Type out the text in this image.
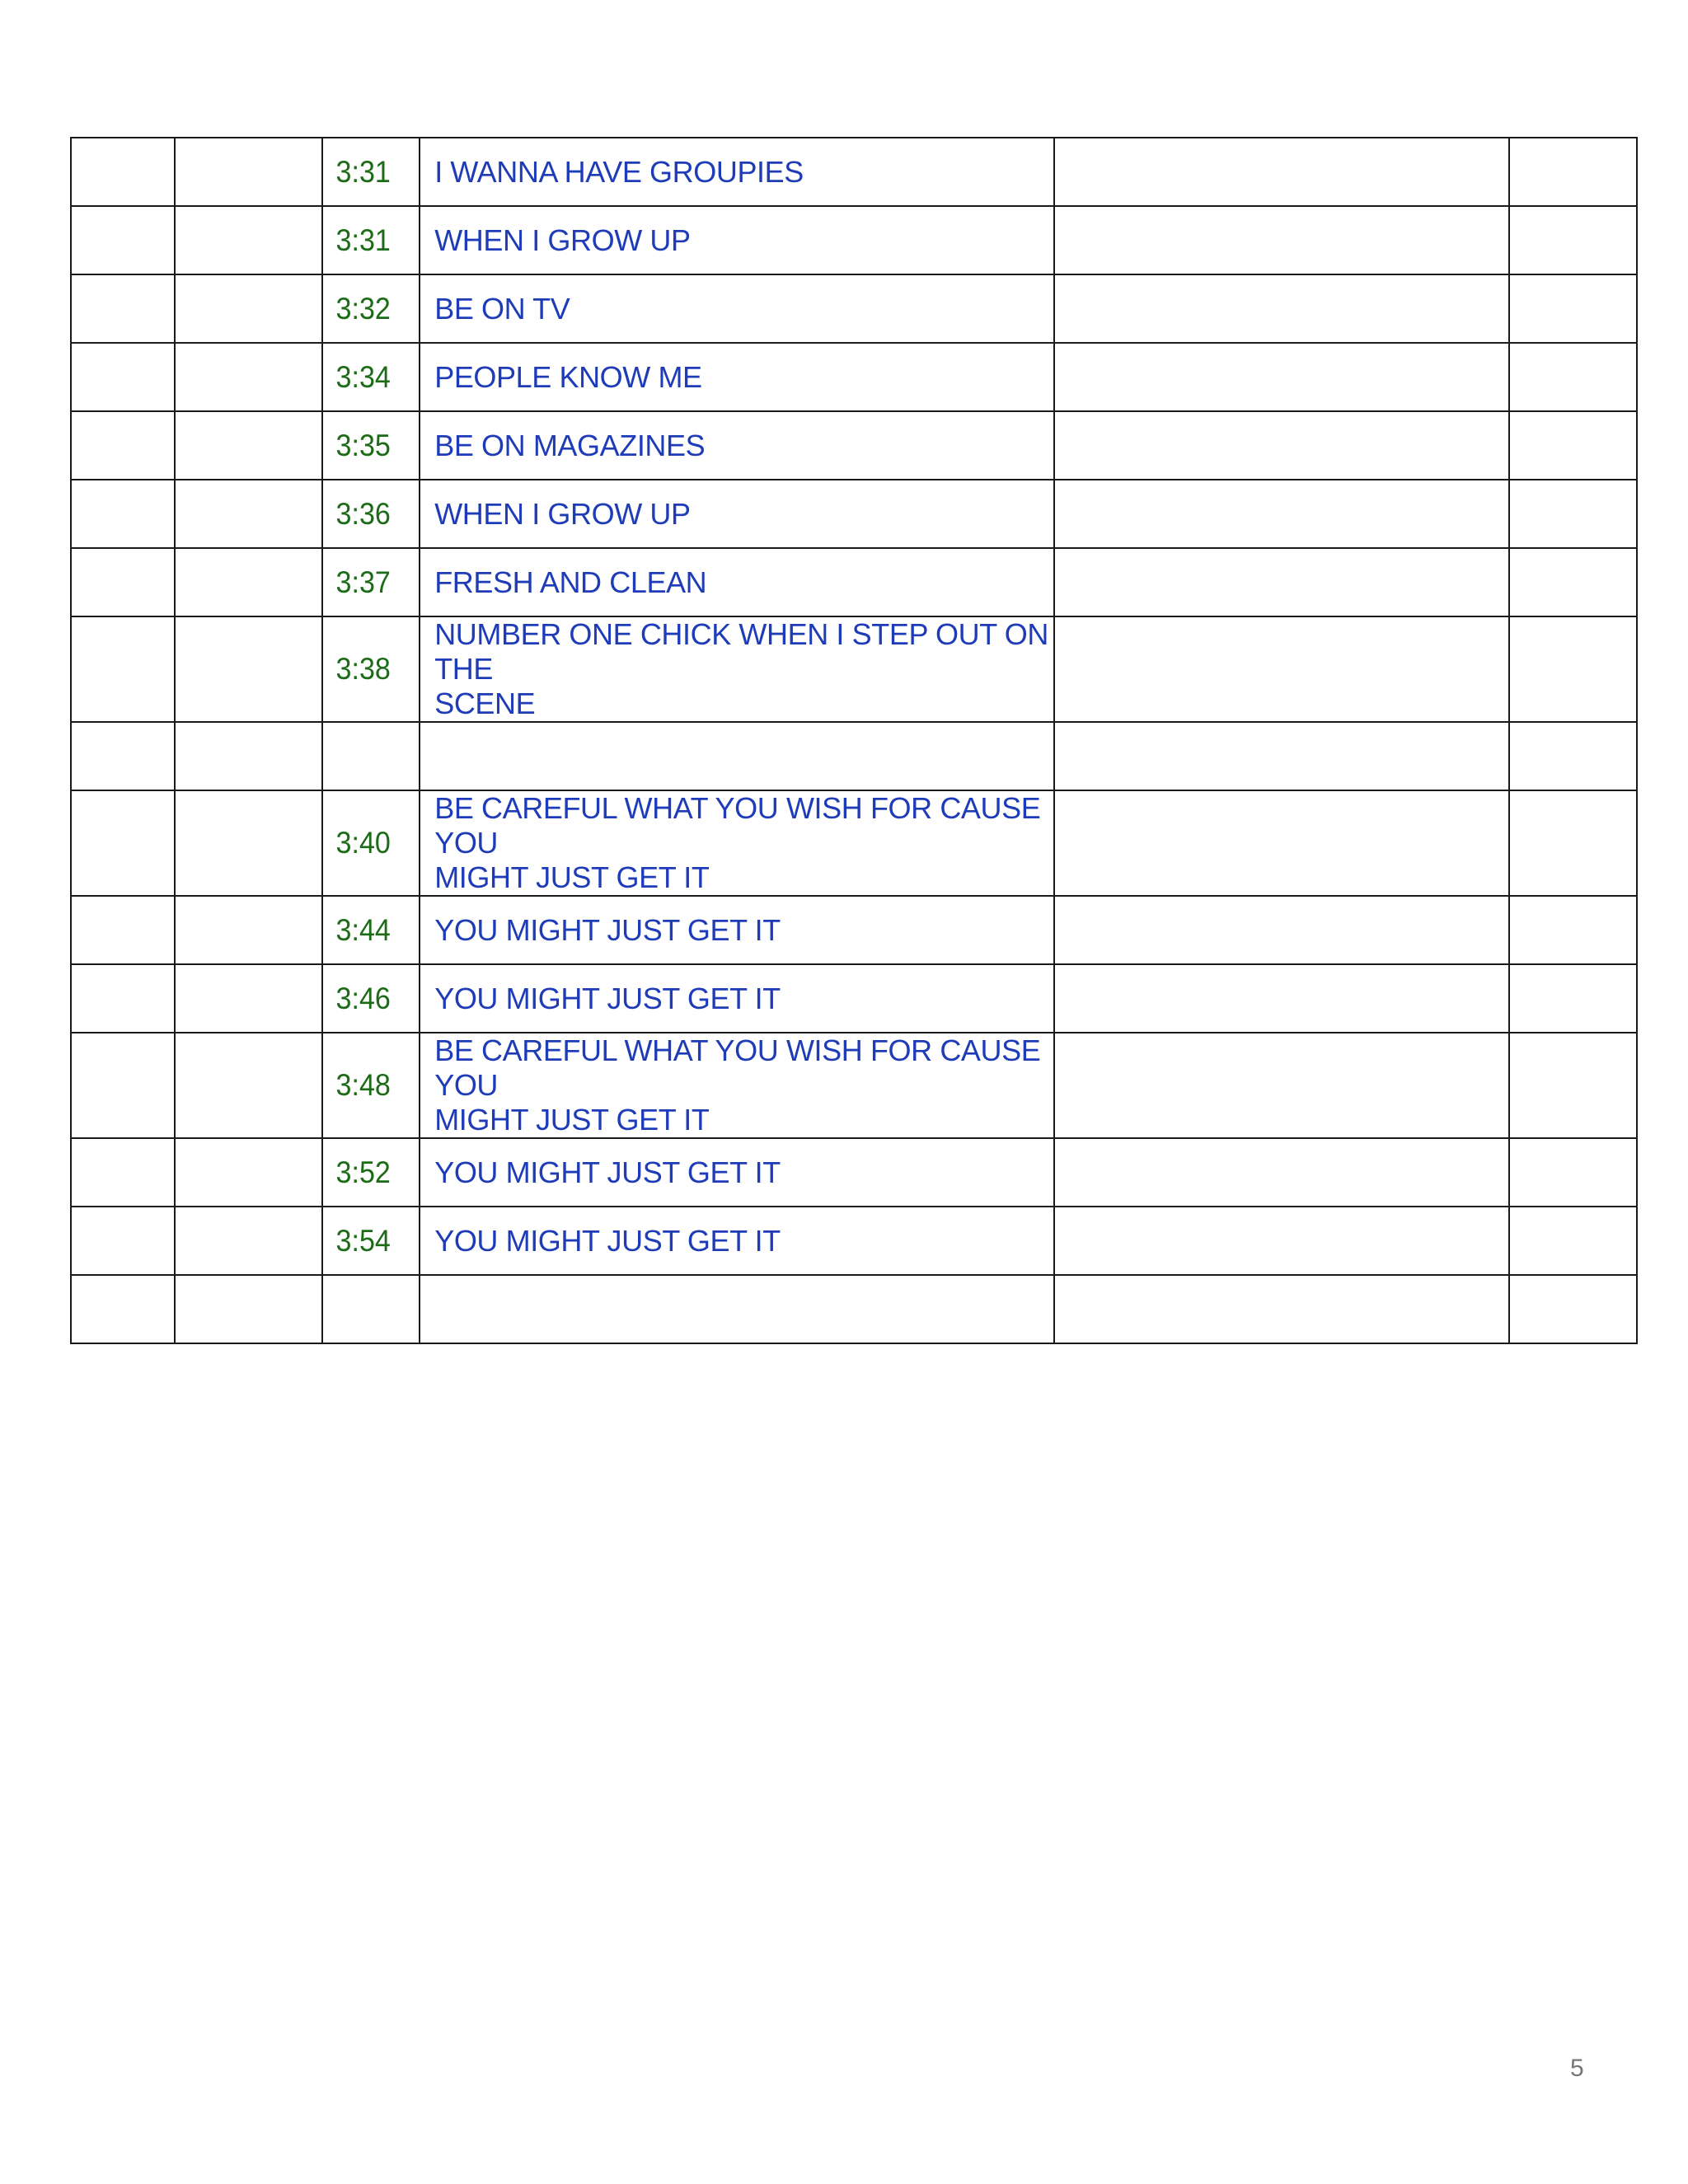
		3:31	I WANNA HAVE GROUPIES		
		3:31	WHEN I GROW UP		
		3:32	BE ON TV		
		3:34	PEOPLE KNOW ME		
		3:35	BE ON MAGAZINES		
		3:36	WHEN I GROW UP		
		3:37	FRESH AND CLEAN		
		3:38	NUMBER ONE CHICK WHEN I STEP OUT ON THE
SCENE		

		3:40	BE CAREFUL WHAT YOU WISH FOR CAUSE YOU
MIGHT JUST GET IT		
		3:44	YOU MIGHT JUST GET IT		
		3:46	YOU MIGHT JUST GET IT		
		3:48	BE CAREFUL WHAT YOU WISH FOR CAUSE YOU
MIGHT JUST GET IT		
		3:52	YOU MIGHT JUST GET IT		
		3:54	YOU MIGHT JUST GET IT		

5
